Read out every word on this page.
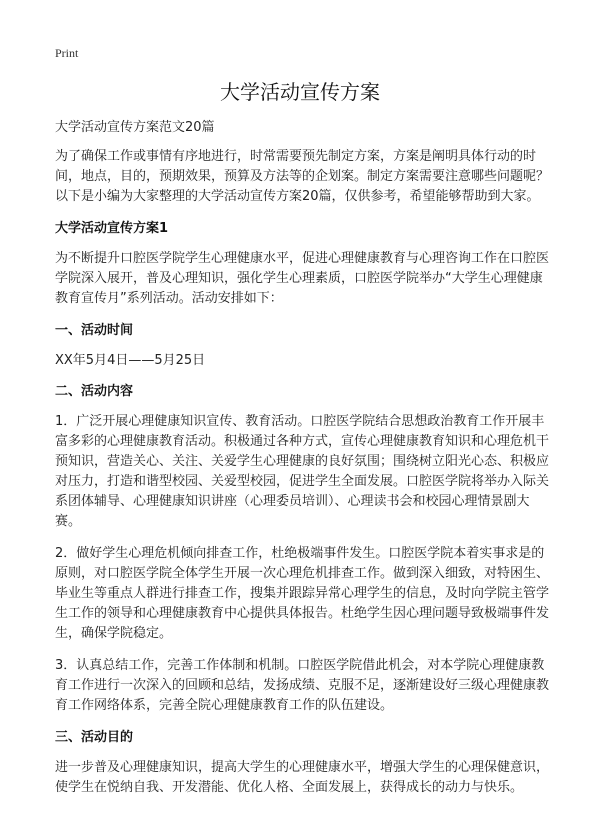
Print
大学活动宣传方案

大学活动宣传方案范文20篇

为了确保工作或事情有序地进行，时常需要预先制定方案，方案是阐明具体行动的时间，地点，目的，预期效果，预算及方法等的企划案。制定方案需要注意哪些问题呢？以下是小编为大家整理的大学活动宣传方案20篇，仅供参考，希望能够帮助到大家。

大学活动宣传方案1

为不断提升口腔医学院学生心理健康水平，促进心理健康教育与心理咨询工作在口腔医学院深入展开，普及心理知识，强化学生心理素质，口腔医学院举办“大学生心理健康教育宣传月”系列活动。活动安排如下：

一、活动时间

XX年5月4日——5月25日

二、活动内容

1．广泛开展心理健康知识宣传、教育活动。口腔医学院结合思想政治教育工作开展丰富多彩的心理健康教育活动。积极通过各种方式，宣传心理健康教育知识和心理危机干预知识，营造关心、关注、关爱学生心理健康的良好氛围；围绕树立阳光心态、积极应对压力，打造和谐型校园、关爱型校园，促进学生全面发展。口腔医学院将举办入际关系团体辅导、心理健康知识讲座（心理委员培训）、心理读书会和校园心理情景剧大赛。

2．做好学生心理危机倾向排查工作，杜绝极端事件发生。口腔医学院本着实事求是的原则，对口腔医学院全体学生开展一次心理危机排查工作。做到深入细致，对特困生、毕业生等重点人群进行排查工作，搜集并跟踪异常心理学生的信息，及时向学院主管学生工作的领导和心理健康教育中心提供具体报告。杜绝学生因心理问题导致极端事件发生，确保学院稳定。

3．认真总结工作，完善工作体制和机制。口腔医学院借此机会，对本学院心理健康教育工作进行一次深入的回顾和总结，发扬成绩、克服不足，逐渐建设好三级心理健康教育工作网络体系，完善全院心理健康教育工作的队伍建设。

三、活动目的

进一步普及心理健康知识，提高大学生的心理健康水平，增强大学生的心理保健意识，使学生在悦纳自我、开发潜能、优化人格、全面发展上，获得成长的动力与快乐。
